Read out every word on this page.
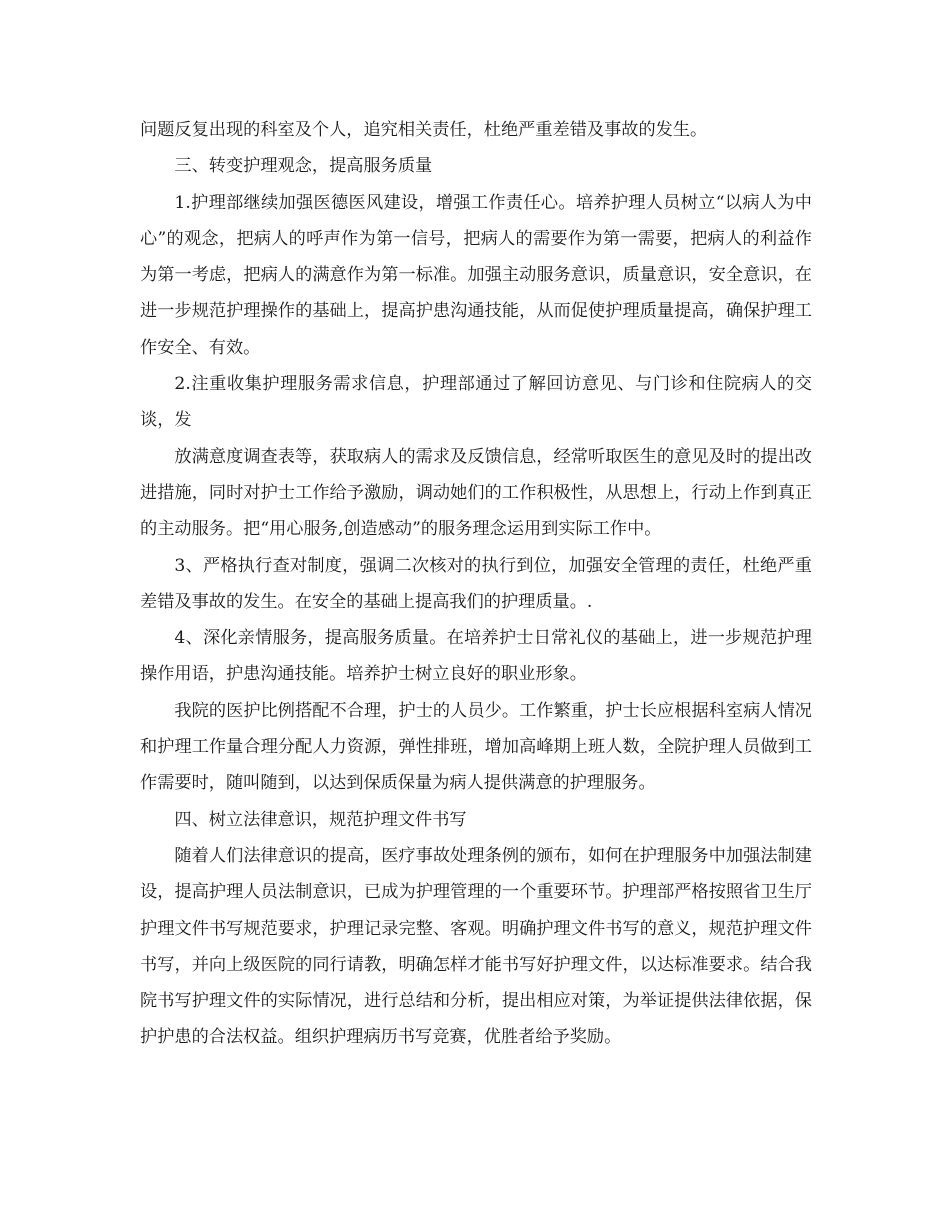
问题反复出现的科室及个人，追究相关责任，杜绝严重差错及事故的发生。

三、转变护理观念，提高服务质量

1.护理部继续加强医德医风建设，增强工作责任心。培养护理人员树立“以病人为中心”的观念，把病人的呼声作为第一信号，把病人的需要作为第一需要，把病人的利益作为第一考虑，把病人的满意作为第一标准。加强主动服务意识，质量意识，安全意识，在进一步规范护理操作的基础上，提高护患沟通技能，从而促使护理质量提高，确保护理工作安全、有效。

2.注重收集护理服务需求信息，护理部通过了解回访意见、与门诊和住院病人的交谈，发

放满意度调查表等，获取病人的需求及反馈信息，经常听取医生的意见及时的提出改进措施，同时对护士工作给予激励，调动她们的工作积极性，从思想上，行动上作到真正的主动服务。把“用心服务,创造感动”的服务理念运用到实际工作中。

3、严格执行查对制度，强调二次核对的执行到位，加强安全管理的责任，杜绝严重差错及事故的发生。在安全的基础上提高我们的护理质量。.

4、深化亲情服务，提高服务质量。在培养护士日常礼仪的基础上，进一步规范护理操作用语，护患沟通技能。培养护士树立良好的职业形象。

我院的医护比例搭配不合理，护士的人员少。工作繁重，护士长应根据科室病人情况和护理工作量合理分配人力资源，弹性排班，增加高峰期上班人数，全院护理人员做到工作需要时，随叫随到，以达到保质保量为病人提供满意的护理服务。

四、树立法律意识，规范护理文件书写

随着人们法律意识的提高，医疗事故处理条例的颁布，如何在护理服务中加强法制建设，提高护理人员法制意识，已成为护理管理的一个重要环节。护理部严格按照省卫生厅护理文件书写规范要求，护理记录完整、客观。明确护理文件书写的意义，规范护理文件书写，并向上级医院的同行请教，明确怎样才能书写好护理文件，以达标准要求。结合我院书写护理文件的实际情况，进行总结和分析，提出相应对策，为举证提供法律依据，保护护患的合法权益。组织护理病历书写竞赛，优胜者给予奖励。
